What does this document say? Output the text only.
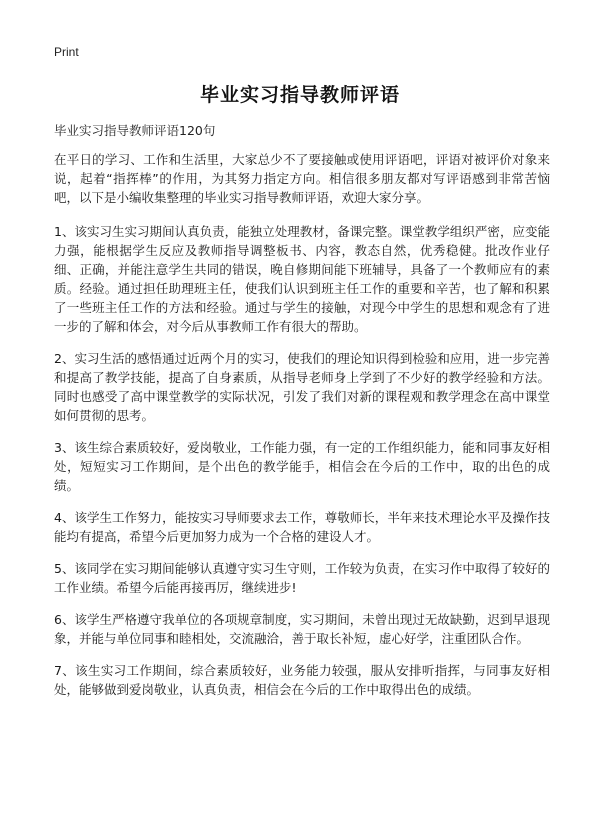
Print
毕业实习指导教师评语

毕业实习指导教师评语120句

在平日的学习、工作和生活里，大家总少不了要接触或使用评语吧，评语对被评价对象来说，起着“指挥棒”的作用，为其努力指定方向。相信很多朋友都对写评语感到非常苦恼吧，以下是小编收集整理的毕业实习指导教师评语，欢迎大家分享。

1、该实习生实习期间认真负责，能独立处理教材，备课完整。课堂教学组织严密，应变能力强，能根据学生反应及教师指导调整板书、内容，教态自然，优秀稳健。批改作业仔细、正确，并能注意学生共同的错误，晚自修期间能下班辅导，具备了一个教师应有的素质。经验。通过担任助理班主任，使我们认识到班主任工作的重要和辛苦，也了解和积累了一些班主任工作的方法和经验。通过与学生的接触，对现今中学生的思想和观念有了进一步的了解和体会，对今后从事教师工作有很大的帮助。

2、实习生活的感悟通过近两个月的实习，使我们的理论知识得到检验和应用，进一步完善和提高了教学技能，提高了自身素质，从指导老师身上学到了不少好的教学经验和方法。同时也感受了高中课堂教学的实际状况，引发了我们对新的课程观和教学理念在高中课堂如何贯彻的思考。

3、该生综合素质较好，爱岗敬业，工作能力强，有一定的工作组织能力，能和同事友好相处，短短实习工作期间，是个出色的教学能手，相信会在今后的工作中，取的出色的成绩。

4、该学生工作努力，能按实习导师要求去工作，尊敬师长，半年来技术理论水平及操作技能均有提高，希望今后更加努力成为一个合格的建设人才。

5、该同学在实习期间能够认真遵守实习生守则，工作较为负责，在实习作中取得了较好的工作业绩。希望今后能再接再厉，继续进步!

6、该学生严格遵守我单位的各项规章制度，实习期间，未曾出现过无故缺勤，迟到早退现象，并能与单位同事和睦相处，交流融洽，善于取长补短，虚心好学，注重团队合作。

7、该生实习工作期间，综合素质较好，业务能力较强，服从安排听指挥，与同事友好相处，能够做到爱岗敬业，认真负责，相信会在今后的工作中取得出色的成绩。
